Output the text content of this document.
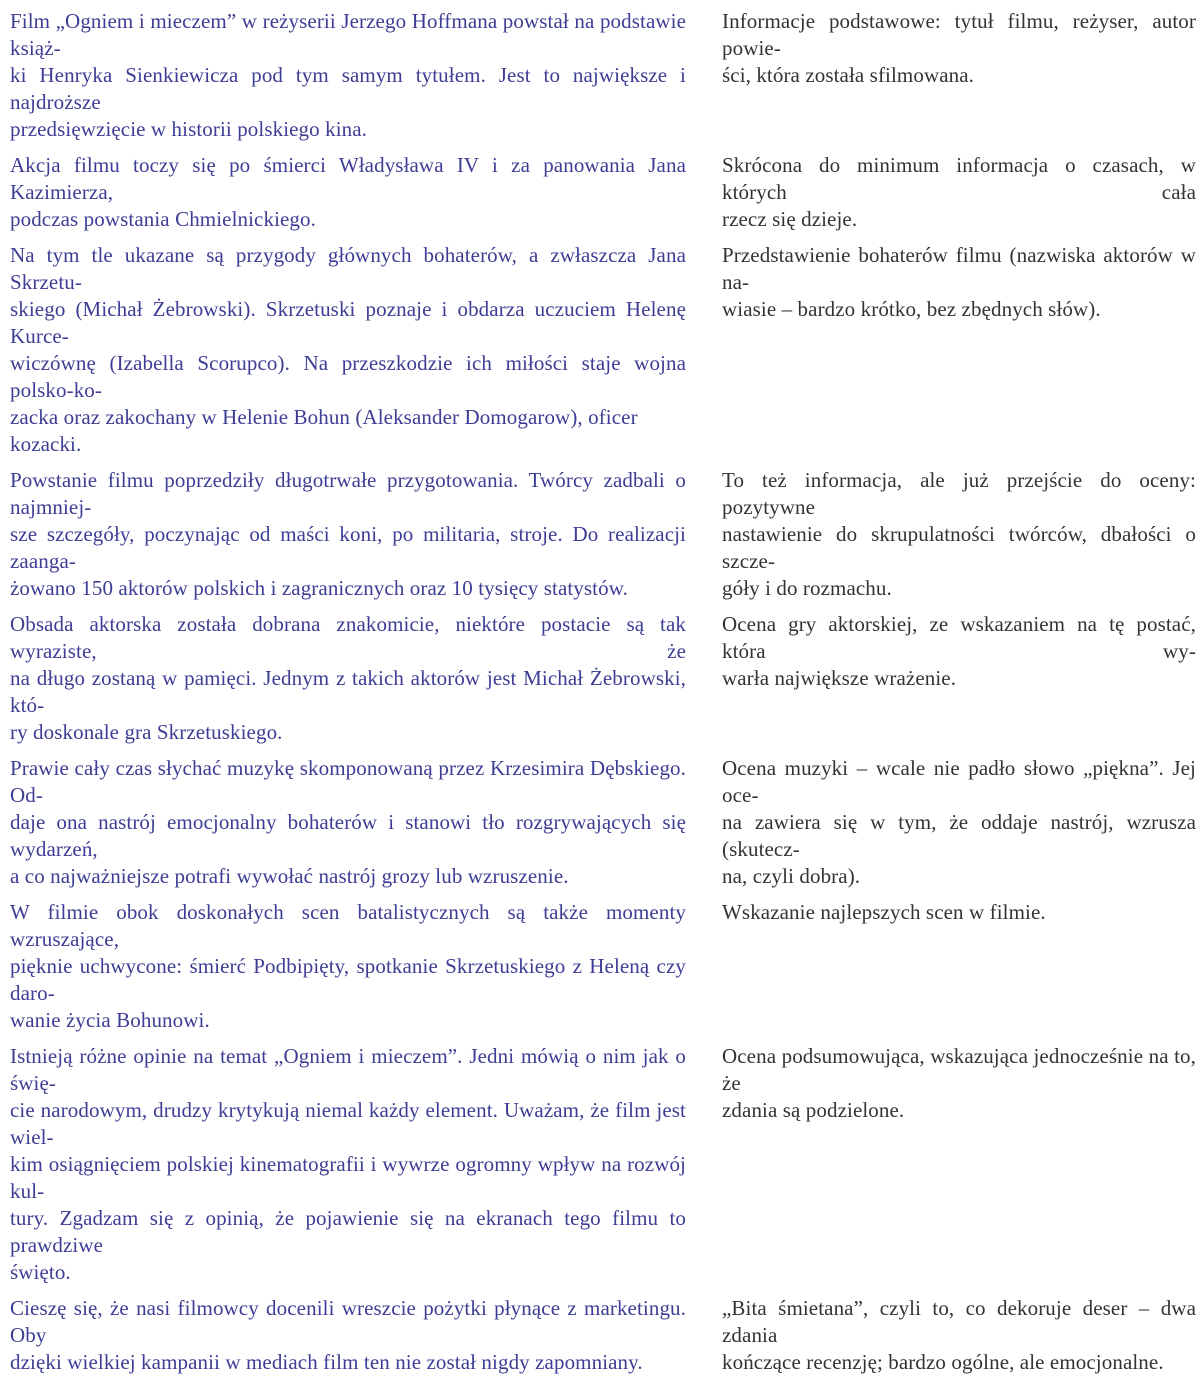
Film „Ogniem i mieczem” w reżyserii Jerzego Hoffmana powstał na podstawie książ-
ki Henryka Sienkiewicza pod tym samym tytułem. Jest to największe i najdroższe
przedsięwzięcie w historii polskiego kina.
Informacje podstawowe: tytuł filmu, reżyser, autor powie-
ści, która została sfilmowana.
Akcja filmu toczy się po śmierci Władysława IV i za panowania Jana Kazimierza,
podczas powstania Chmielnickiego.
Skrócona do minimum informacja o czasach, w których cała
rzecz się dzieje.
Na tym tle ukazane są przygody głównych bohaterów, a zwłaszcza Jana Skrzetu-
skiego (Michał Żebrowski). Skrzetuski poznaje i obdarza uczuciem Helenę Kurce-
wiczównę (Izabella Scorupco). Na przeszkodzie ich miłości staje wojna polsko-ko-
zacka oraz zakochany w Helenie Bohun (Aleksander Domogarow), oficer kozacki.
Przedstawienie bohaterów filmu (nazwiska aktorów w na-
wiasie – bardzo krótko, bez zbędnych słów).
Powstanie filmu poprzedziły długotrwałe przygotowania. Twórcy zadbali o najmniej-
sze szczegóły, poczynając od maści koni, po militaria, stroje. Do realizacji zaanga-
żowano 150 aktorów polskich i zagranicznych oraz 10 tysięcy statystów.
To też informacja, ale już przejście do oceny: pozytywne
nastawienie do skrupulatności twórców, dbałości o szcze-
góły i do rozmachu.
Obsada aktorska została dobrana znakomicie, niektóre postacie są tak wyraziste, że
na długo zostaną w pamięci. Jednym z takich aktorów jest Michał Żebrowski, któ-
ry doskonale gra Skrzetuskiego.
Ocena gry aktorskiej, ze wskazaniem na tę postać, która wy-
warła największe wrażenie.
Prawie cały czas słychać muzykę skomponowaną przez Krzesimira Dębskiego. Od-
daje ona nastrój emocjonalny bohaterów i stanowi tło rozgrywających się wydarzeń,
a co najważniejsze potrafi wywołać nastrój grozy lub wzruszenie.
Ocena muzyki – wcale nie padło słowo „piękna”. Jej oce-
na zawiera się w tym, że oddaje nastrój, wzrusza (skutecz-
na, czyli dobra).
W filmie obok doskonałych scen batalistycznych są także momenty wzruszające,
pięknie uchwycone: śmierć Podbipięty, spotkanie Skrzetuskiego z Heleną czy daro-
wanie życia Bohunowi.
Wskazanie najlepszych scen w filmie.
Istnieją różne opinie na temat „Ogniem i mieczem”. Jedni mówią o nim jak o świę-
cie narodowym, drudzy krytykują niemal każdy element. Uważam, że film jest wiel-
kim osiągnięciem polskiej kinematografii i wywrze ogromny wpływ na rozwój kul-
tury. Zgadzam się z opinią, że pojawienie się na ekranach tego filmu to prawdziwe
święto.
Ocena podsumowująca, wskazująca jednocześnie na to, że
zdania są podzielone.
Cieszę się, że nasi filmowcy docenili wreszcie pożytki płynące z marketingu. Oby
dzięki wielkiej kampanii w mediach film ten nie został nigdy zapomniany.
„Bita śmietana”, czyli to, co dekoruje deser – dwa zdania
kończące recenzję; bardzo ogólne, ale emocjonalne.
